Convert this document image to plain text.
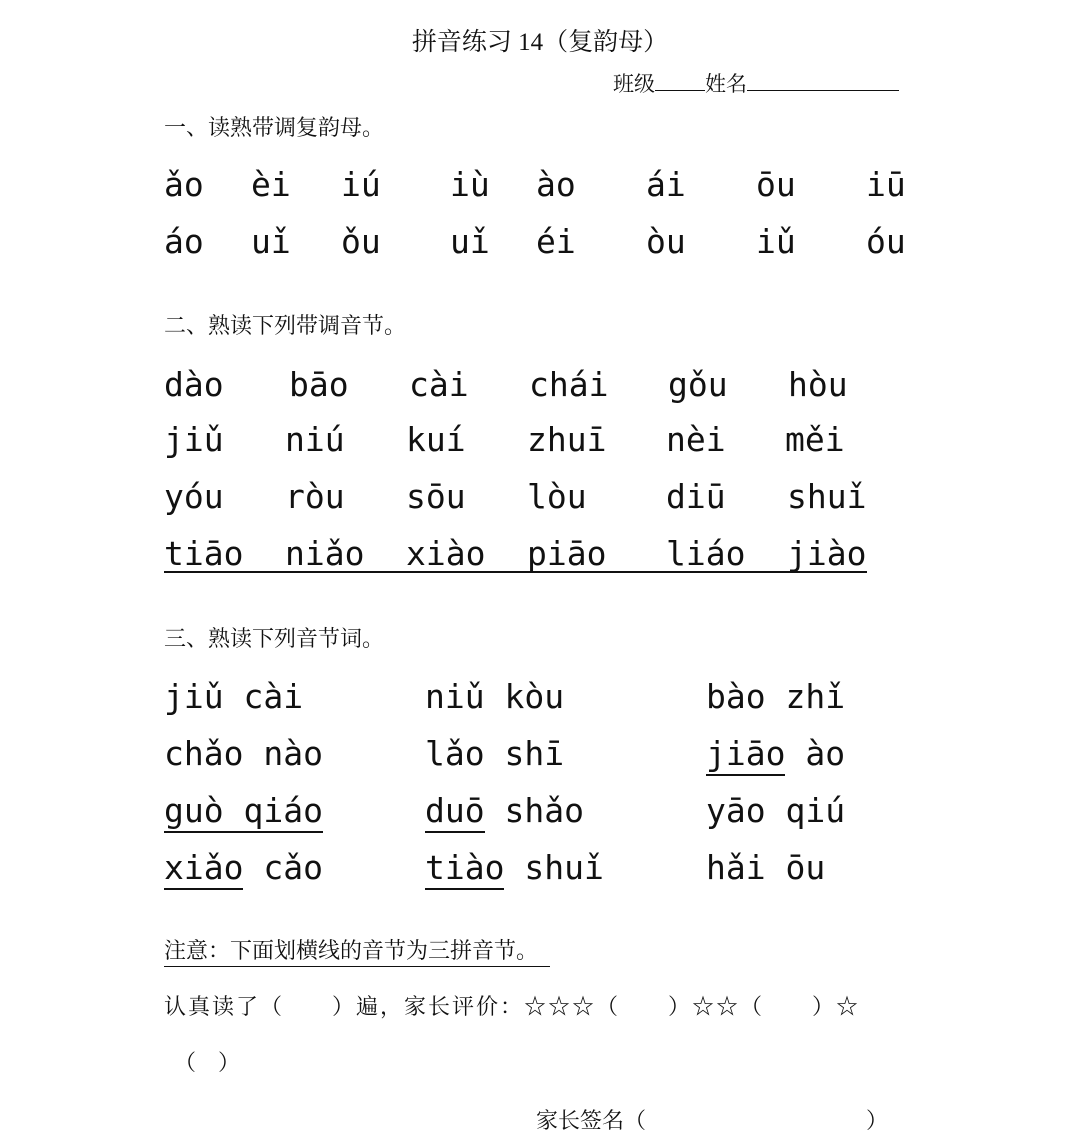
拼音练习 14（复韵母）
班级 姓名
一、读熟带调复韵母。
ǎo èi iú iù ào ái ōu iū
áo uǐ ǒu uǐ éi òu iǔ óu
二、熟读下列带调音节。
dào bāo cài chái gǒu hòu
jiǔ niú kuí zhuī nèi měi
yóu ròu sōu lòu diū shuǐ
tiāo niǎo xiào piāo liáo jiào
三、熟读下列音节词。
jiǔ cài	niǔ kòu	bào zhǐ
chǎo nào	lǎo shī	jiāo ào
guò qiáo	duō shǎo	yāo qiú
xiǎo cǎo	tiào shuǐ	hǎi ōu
注意：下面划横线的音节为三拼音节。
认真读了（　　）遍，家长评价：☆☆☆（　　）☆☆（　　）☆
（　）
家长签名（　　　　　　　　　　）
